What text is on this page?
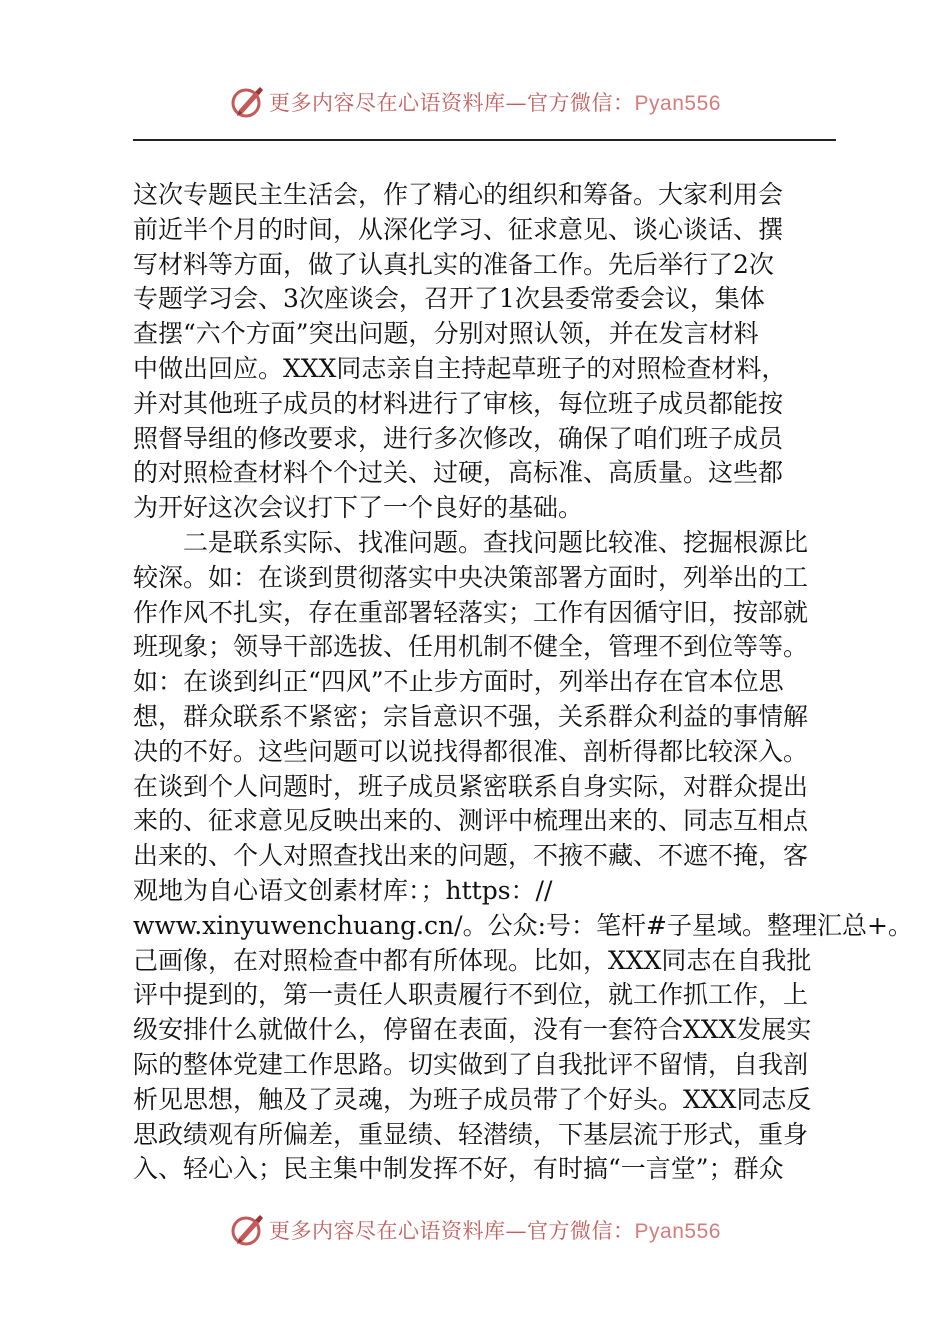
更多内容尽在心语资料库—官方微信：Pyan556
这次专题民主生活会，作了精心的组织和筹备。大家利用会
前近半个月的时间，从深化学习、征求意见、谈心谈话、撰
写材料等方面，做了认真扎实的准备工作。先后举行了2次
专题学习会、3次座谈会，召开了1次县委常委会议，集体
查摆“六个方面”突出问题，分别对照认领，并在发言材料
中做出回应。XXX同志亲自主持起草班子的对照检查材料，
并对其他班子成员的材料进行了审核，每位班子成员都能按
照督导组的修改要求，进行多次修改，确保了咱们班子成员
的对照检查材料个个过关、过硬，高标准、高质量。这些都
为开好这次会议打下了一个良好的基础。
二是联系实际、找准问题。查找问题比较准、挖掘根源比
较深。如：在谈到贯彻落实中央决策部署方面时，列举出的工
作作风不扎实，存在重部署轻落实；工作有因循守旧，按部就
班现象；领导干部选拔、任用机制不健全，管理不到位等等。
如：在谈到纠正“四风”不止步方面时，列举出存在官本位思
想，群众联系不紧密；宗旨意识不强，关系群众利益的事情解
决的不好。这些问题可以说找得都很准、剖析得都比较深入。
在谈到个人问题时，班子成员紧密联系自身实际，对群众提出
来的、征求意见反映出来的、测评中梳理出来的、同志互相点
出来的、个人对照查找出来的问题，不掖不藏、不遮不掩，客
观地为自心语文创素材库：；https：//
www.xinyuwenchuang.cn/。公众:号：笔杆#子星域。整理汇总+。
己画像，在对照检查中都有所体现。比如，XXX同志在自我批
评中提到的，第一责任人职责履行不到位，就工作抓工作，上
级安排什么就做什么，停留在表面，没有一套符合XXX发展实
际的整体党建工作思路。切实做到了自我批评不留情，自我剖
析见思想，触及了灵魂，为班子成员带了个好头。XXX同志反
思政绩观有所偏差，重显绩、轻潜绩，下基层流于形式，重身
入、轻心入；民主集中制发挥不好，有时搞“一言堂”；群众
更多内容尽在心语资料库—官方微信：Pyan556
